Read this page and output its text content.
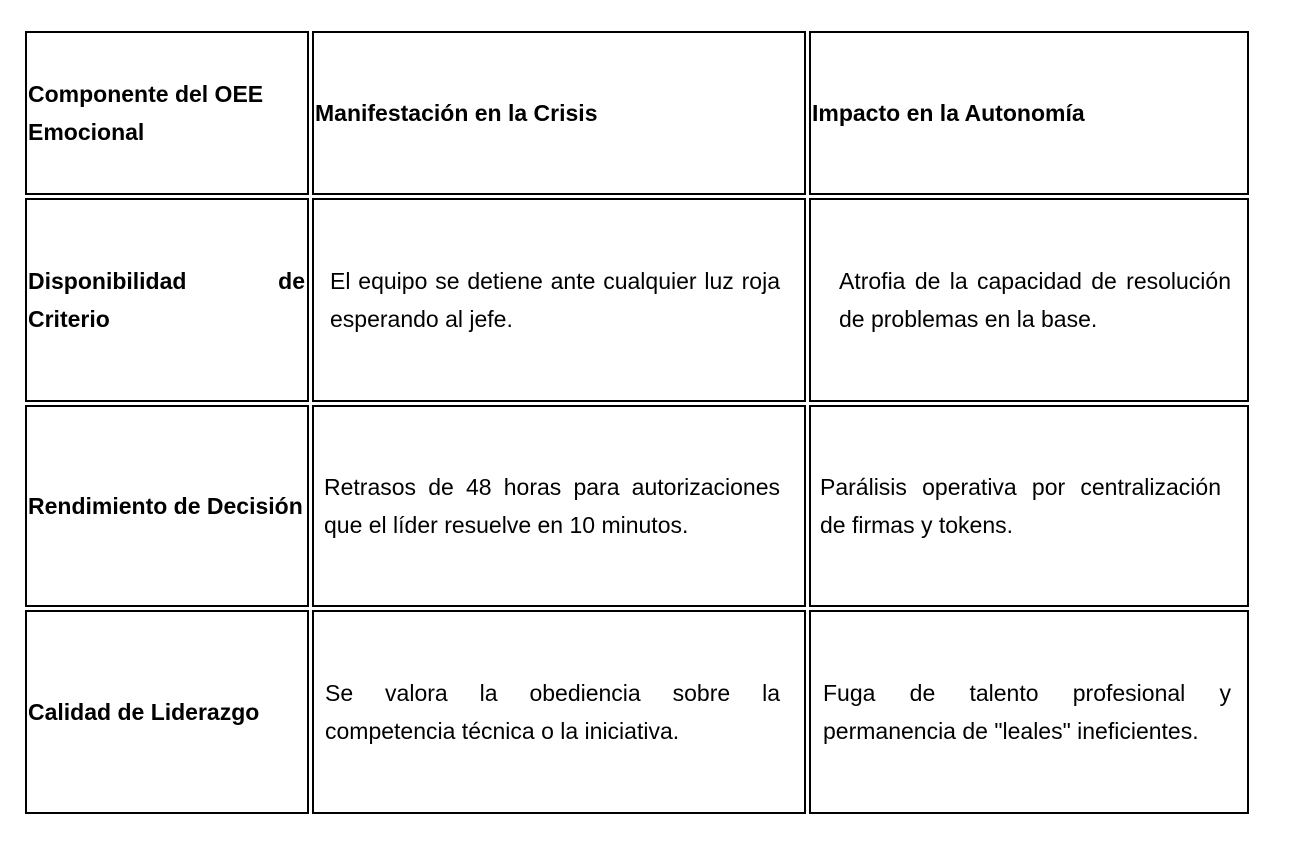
Componente del OEE Emocional	Manifestación en la Crisis	Impacto en la Autonomía

Disponibilidad de Criterio	El equipo se detiene ante cualquier luz roja esperando al jefe.	Atrofia de la capacidad de resolución de problemas en la base.

Rendimiento de Decisión	Retrasos de 48 horas para autorizaciones que el líder resuelve en 10 minutos.	Parálisis operativa por centralización de firmas y tokens.

Calidad de Liderazgo	Se valora la obediencia sobre la competencia técnica o la iniciativa.	Fuga de talento profesional y permanencia de "leales" ineficientes.
